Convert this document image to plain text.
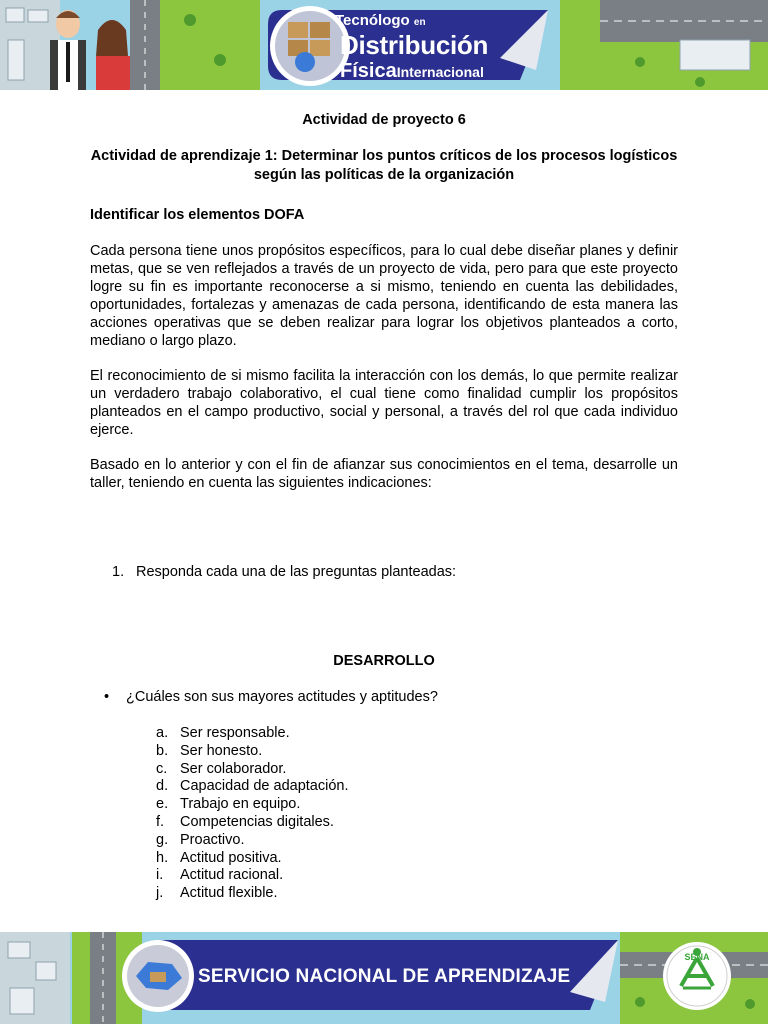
Tecnólogo en
Distribución
FísicaInternacional
Actividad de proyecto 6
Actividad de aprendizaje 1: Determinar los puntos críticos de los procesos logísticos según las políticas de la organización
Identificar los elementos DOFA
Cada persona tiene unos propósitos específicos, para lo cual debe diseñar planes y definir metas, que se ven reflejados a través de un proyecto de vida, pero para que este proyecto logre su fin es importante reconocerse a si mismo, teniendo en cuenta las debilidades, oportunidades, fortalezas y amenazas de cada persona, identificando de esta manera las acciones operativas que se deben realizar para lograr los objetivos planteados a corto, mediano o largo plazo.
El reconocimiento de si mismo facilita la interacción con los demás, lo que permite realizar un verdadero trabajo colaborativo, el cual tiene como finalidad cumplir los propósitos planteados en el campo productivo, social y personal, a través del rol que cada individuo ejerce.
Basado en lo anterior y con el fin de afianzar sus conocimientos en el tema, desarrolle un taller, teniendo en cuenta las siguientes indicaciones:
1. Responda cada una de las preguntas planteadas:
DESARROLLO
• ¿Cuáles son sus mayores actitudes y aptitudes?
a. Ser responsable.
b. Ser honesto.
c. Ser colaborador.
d. Capacidad de adaptación.
e. Trabajo en equipo.
f. Competencias digitales.
g. Proactivo.
h. Actitud positiva.
i. Actitud racional.
j. Actitud flexible.
SENA
SERVICIO NACIONAL DE APRENDIZAJE
